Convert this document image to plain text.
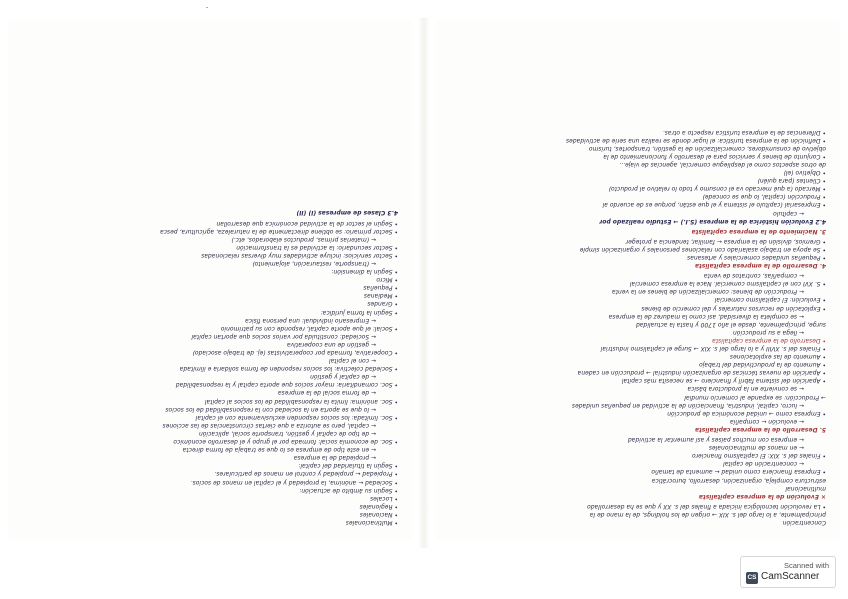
-
• Multinacionales
• Nacionales
• Regionales
• Locales
• Según su ámbito de actuación:
• Sociedad ← anónima, la propiedad y el capital en manos de socios.
• Propiedad ← propiedad y control en manos de particulares.
• Según la titularidad del capital:
← propiedad de la empresa
← en este tipo de empresa es lo que se trabaja de forma directa
• Soc. de economía social: formada por el grupo y el desarrollo económico
← de tipo de capital y gestión, transporte social, aplicación
← capital, pero se autoriza a que ciertas circunstancias de las acciones
• Soc. limitada: los socios responden exclusivamente con el capital
← lo que se aporta en la sociedad con la responsabilidad de los socios
• Soc. anónima: limita la responsabilidad de los socios al capital
← de forma social de la empresa
• Soc. comanditaria: mayor socios que aporta capital y la responsabilidad
← de capital y gestión
• Sociedad colectiva: los socios responden de forma solidaria e ilimitada
← con el capital
• Cooperativa, formada por cooperativistas (ej. de trabajo asociado)
← gestión de una cooperativa
← Sociedad: constituida por varios socios que aportan capital
• Social: el que aporte capital, responde con su patrimonio
← Empresario individual: una persona física
• Según la forma jurídica:
• Grandes
• Medianas
• Pequeñas
• Micro
• Según la dimensión:
← (transporte, restauración, alojamiento)
• Sector servicios: incluye actividades muy diversas relacionadas
• Sector secundario: la actividad es la transformación
← (materias primas, productos elaborados, etc.)
• Sector primario: se obtiene directamente de la naturaleza, agricultura, pesca
• Según el sector de la actividad económica que desarrollan
4.3 Clases de empresas (I) (II)
Concentración
principalmente, a lo largo del s. XIX → origen de los holdings, de la mano de la
• La revolución tecnológica iniciada a finales del s. XX y que se ha desarrollado
× Evolución de la empresa capitalista
multinacional
estructura compleja, organización, desarrollo, burocrática
• Empresa financiera como unidad ← aumenta de tamaño
← concentración de capital
• Finales del s. XIX: El capitalismo financiero
← en manos de multinacionales
← empresa con muchos países y así aumentar la actividad
5. Desarrollo de la empresa capitalista
← evolución ← compañía
• Empresa como → unidad económica de producción
← lucro, capital, industria, financiación de la actividad en pequeñas unidades
→ Producción: se expande al comercio mundial
← se convierte en la productora básica
• Aparición del sistema fabril y financiero → se necesita más capital
• Aparición de nuevas técnicas de organización industrial → producción en cadena
• Aumento de la productividad del trabajo
• Aumento de las explotaciones
• Finales del s. XVIII y a lo largo del s. XIX → Surge el capitalismo industrial
• Desarrollo de la empresa capitalista
← llega a su producción
surge, principalmente, desde el año 1700 y hasta la actualidad
← se completa la diversidad, así como la madurez de la empresa
• Explotación de recursos naturales y del comercio de bienes
• Evolución: El capitalismo comercial
← Producción de bienes: comercialización de bienes en la venta
• S. XVI con el capitalismo comercial. Nace la empresa comercial
← compañías, contratos de venta
4. Desarrollo de la empresa capitalista
• Pequeñas unidades comerciales y artesanas
• Se apoya en trabajo asalariado con relaciones personales y organización simple
• Gremios, división de la empresa ← familiar, tendencia a proteger
3. Nacimiento de la empresa capitalista
4.2 Evolución histórica de la empresa (S.I.) → Estudio realizado por
← capítulo
• Empresarial (capítulo el sistema y el que están, porque es de acuerdo al
• Producción (capital, lo que se concede)
• Mercado (a qué mercado va el consumo y todo lo relativo al producto)
• Clientes (para quién)
• Objetivo (el)
de otros aspectos como el despliegue comercial, agencias de viaje...
• Conjunto de bienes y servicios para el desarrollo y funcionamiento de la
objetivo de consumidores, comercialización de la gestión, transportes, turismo
• Definición de la empresa turística: el lugar donde se realiza una serie de actividades
• Diferencias de la empresa turística respecto a otras.
Scanned with
CS CamScanner
